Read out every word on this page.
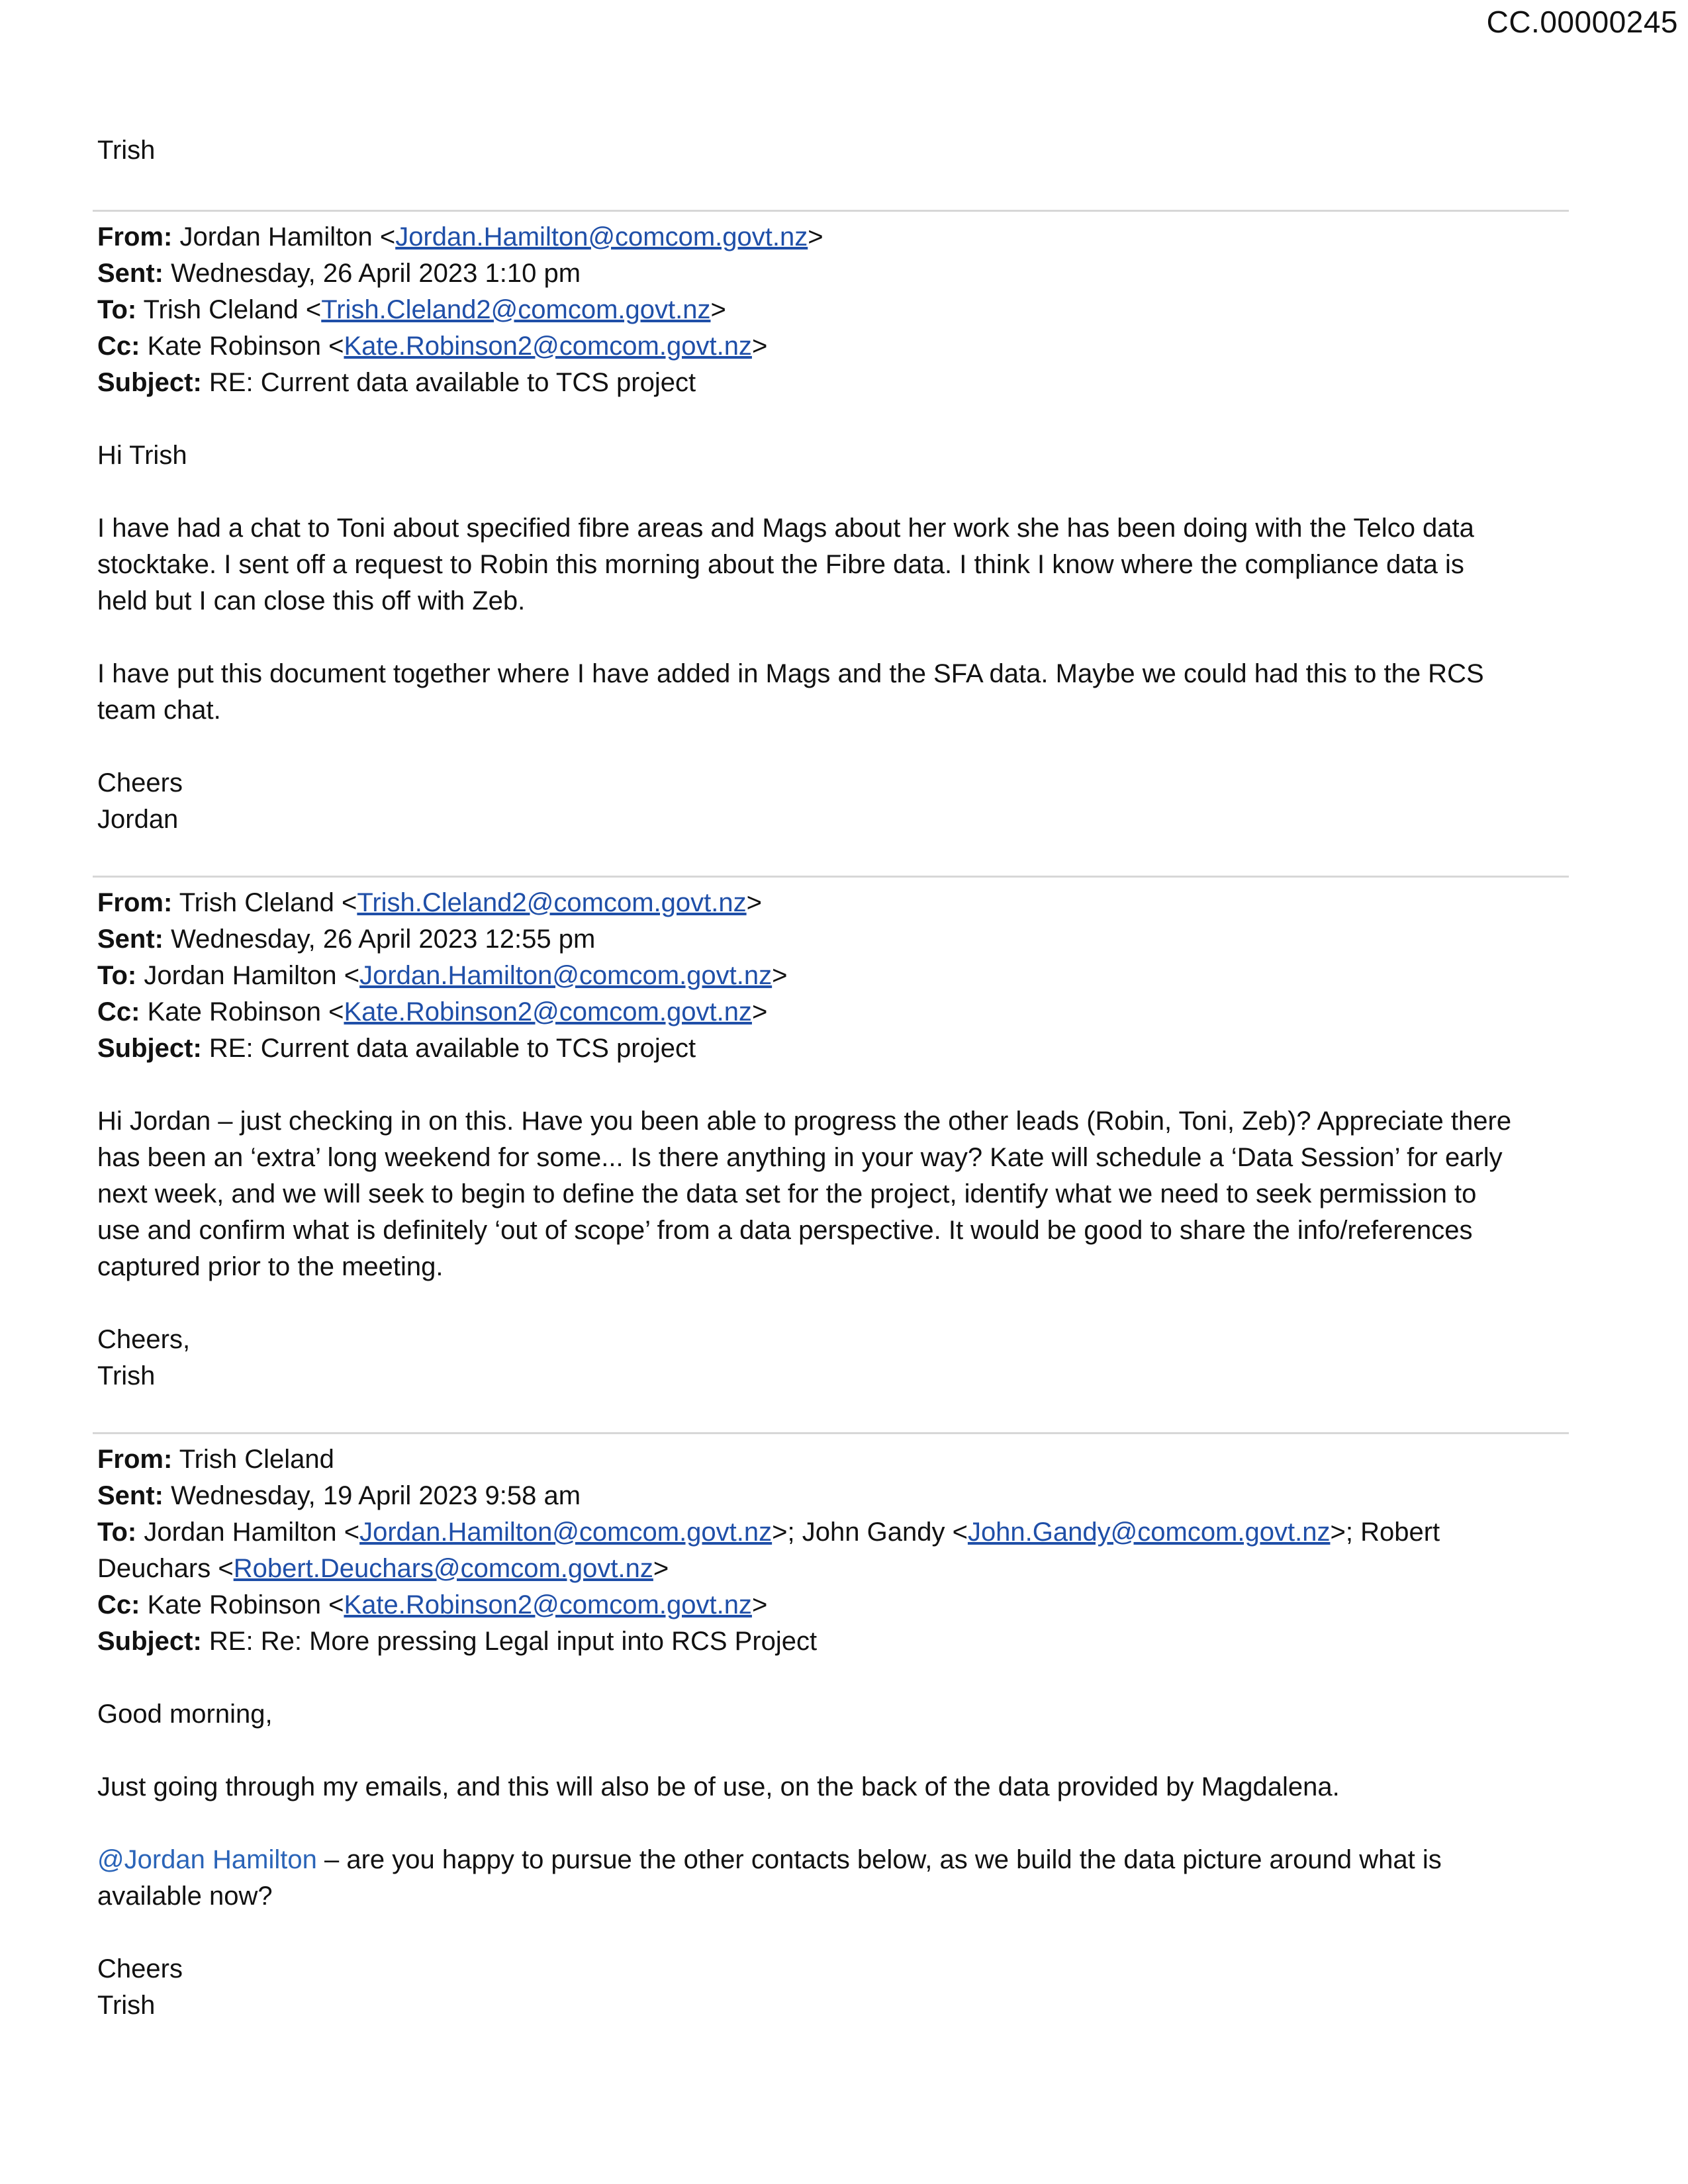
CC.00000245
Trish
From: Jordan Hamilton <Jordan.Hamilton@comcom.govt.nz>
Sent: Wednesday, 26 April 2023 1:10 pm
To: Trish Cleland <Trish.Cleland2@comcom.govt.nz>
Cc: Kate Robinson <Kate.Robinson2@comcom.govt.nz>
Subject: RE: Current data available to TCS project
Hi Trish
I have had a chat to Toni about specified fibre areas and Mags about her work she has been doing with the Telco data
stocktake. I sent off a request to Robin this morning about the Fibre data. I think I know where the compliance data is
held but I can close this off with Zeb.
I have put this document together where I have added in Mags and the SFA data. Maybe we could had this to the RCS
team chat.
Cheers
Jordan
From: Trish Cleland <Trish.Cleland2@comcom.govt.nz>
Sent: Wednesday, 26 April 2023 12:55 pm
To: Jordan Hamilton <Jordan.Hamilton@comcom.govt.nz>
Cc: Kate Robinson <Kate.Robinson2@comcom.govt.nz>
Subject: RE: Current data available to TCS project
Hi Jordan – just checking in on this. Have you been able to progress the other leads (Robin, Toni, Zeb)? Appreciate there
has been an ‘extra’ long weekend for some... Is there anything in your way? Kate will schedule a ‘Data Session’ for early
next week, and we will seek to begin to define the data set for the project, identify what we need to seek permission to
use and confirm what is definitely ‘out of scope’ from a data perspective. It would be good to share the info/references
captured prior to the meeting.
Cheers,
Trish
From: Trish Cleland
Sent: Wednesday, 19 April 2023 9:58 am
To: Jordan Hamilton <Jordan.Hamilton@comcom.govt.nz>; John Gandy <John.Gandy@comcom.govt.nz>; Robert
Deuchars <Robert.Deuchars@comcom.govt.nz>
Cc: Kate Robinson <Kate.Robinson2@comcom.govt.nz>
Subject: RE: Re: More pressing Legal input into RCS Project
Good morning,
Just going through my emails, and this will also be of use, on the back of the data provided by Magdalena.
@Jordan Hamilton – are you happy to pursue the other contacts below, as we build the data picture around what is
available now?
Cheers
Trish
